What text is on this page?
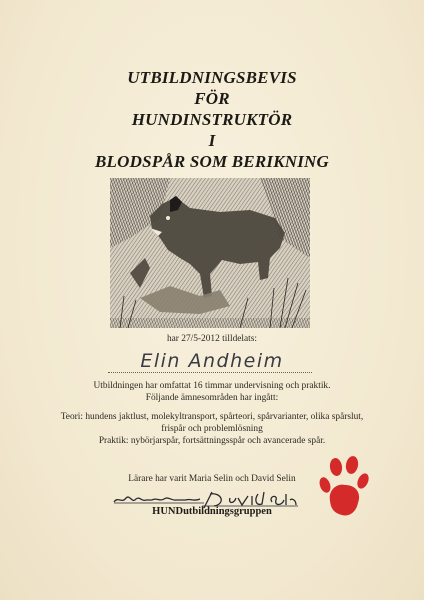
UTBILDNINGSBEVIS
FÖR
HUNDINSTRUKTÖR
I
BLODSPÅR SOM BERIKNING
har 27/5-2012 tilldelats:
Elin Andheim
Utbildningen har omfattat 16 timmar undervisning och praktik.
Följande ämnesområden har ingått:
Teori: hundens jaktlust, molekyltransport, spårteori, spårvarianter, olika spårslut,
frispår och problemlösning
Praktik: nybörjarspår, fortsättningsspår och avancerade spår.
Lärare har varit Maria Selin och David Selin
HUNDutbildningsgruppen
